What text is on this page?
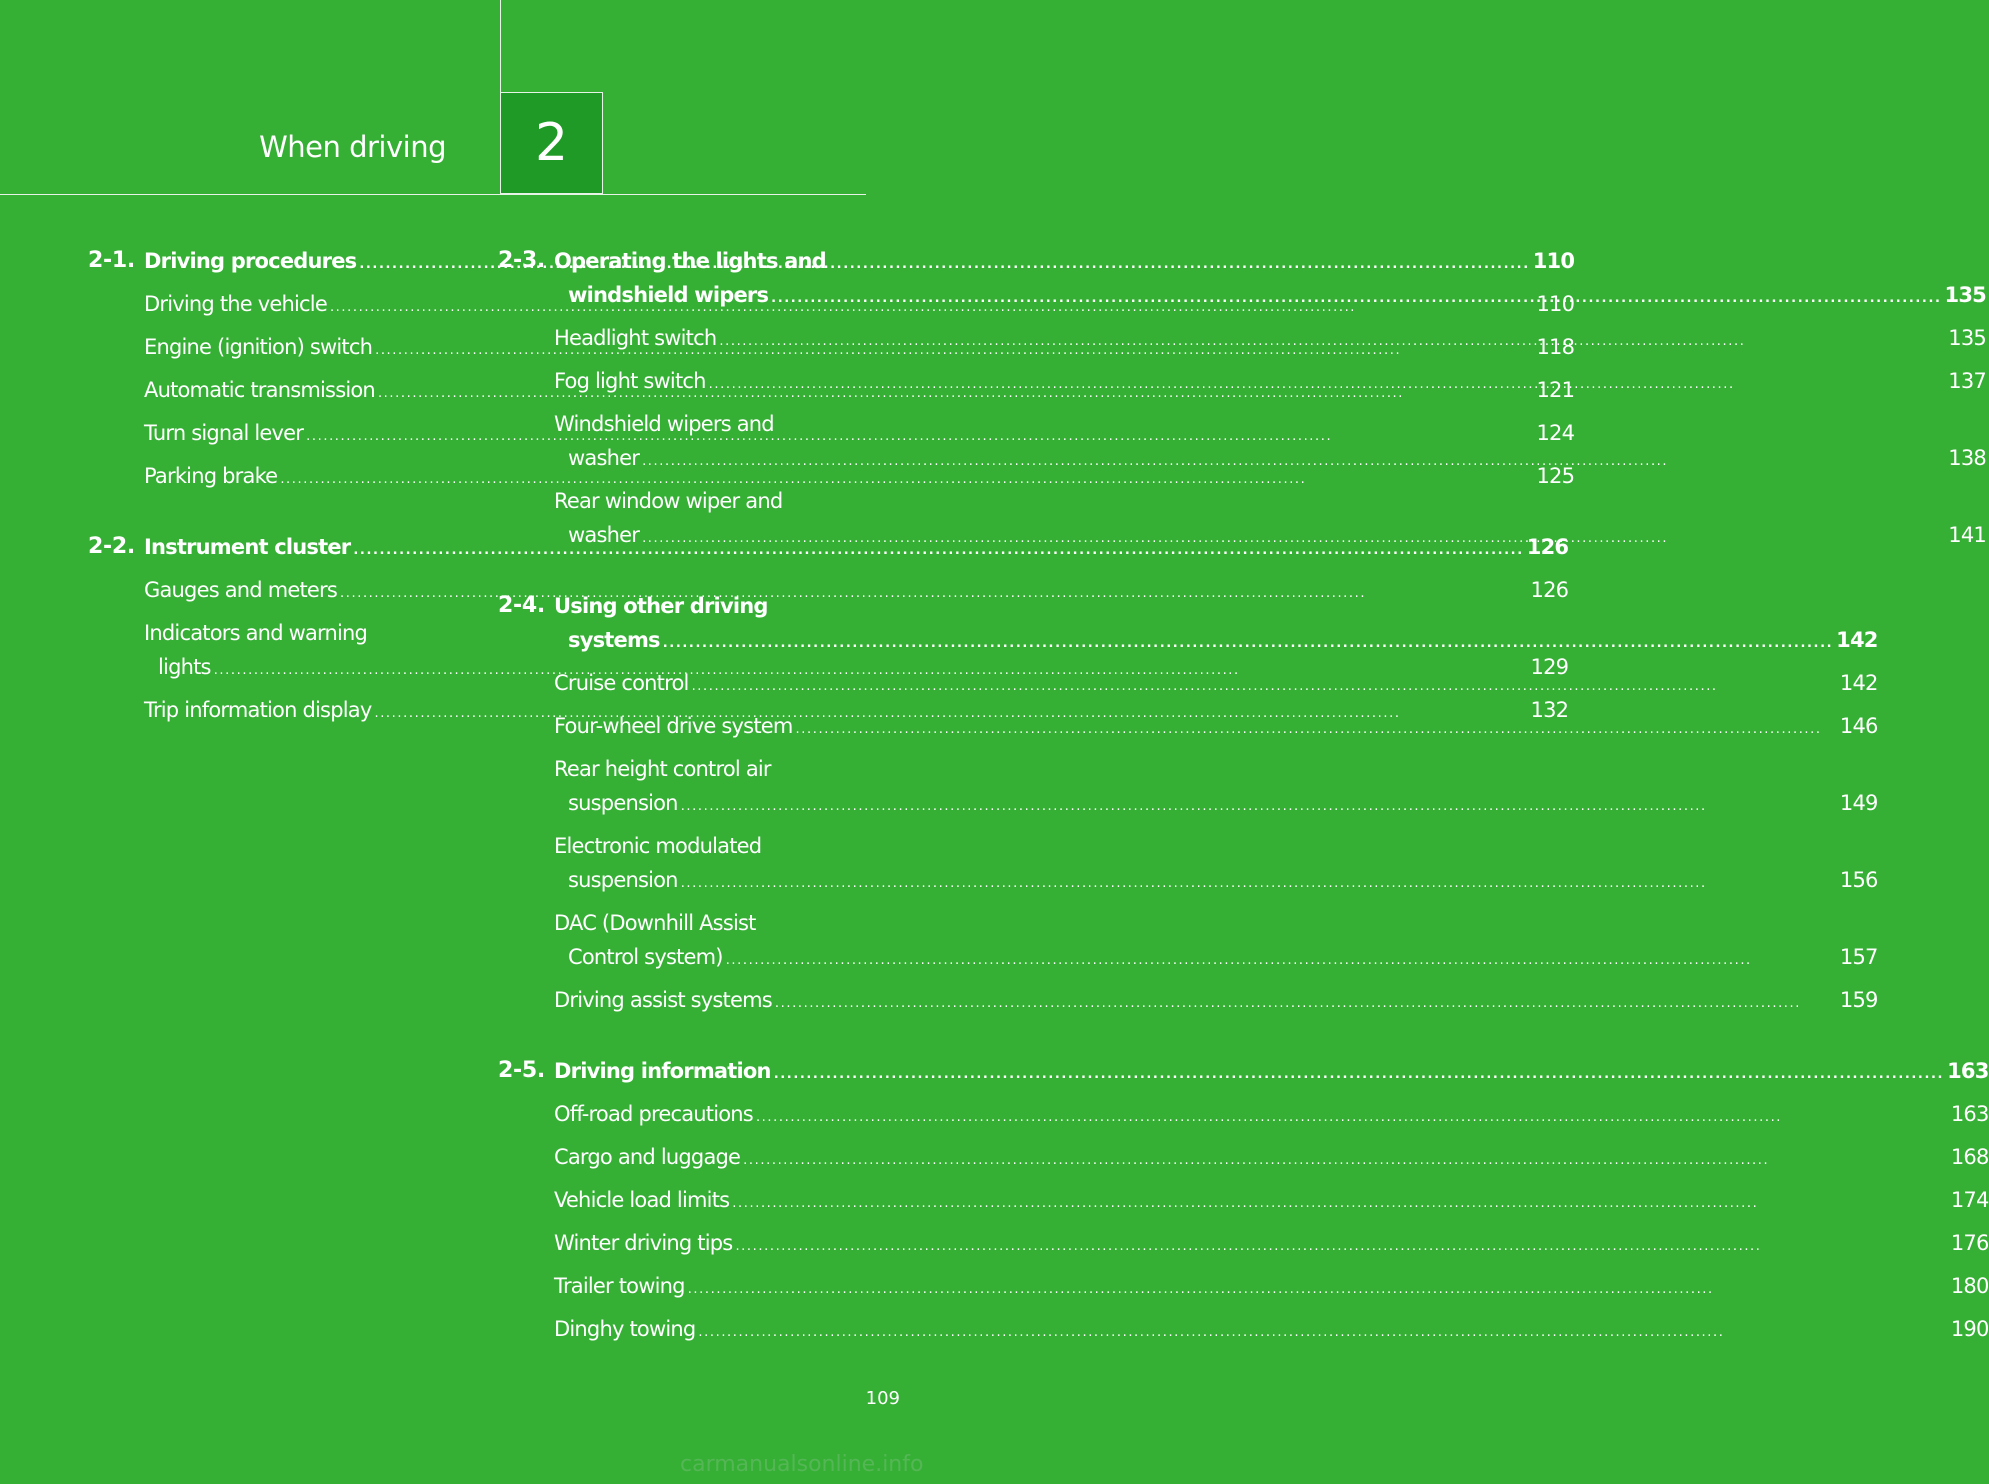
When driving 2
2-1. Driving procedures .....	110
Driving the vehicle .....	110
Engine (ignition) switch .....	118
Automatic transmission .....	121
Turn signal lever .....	124
Parking brake .....	125
2-2. Instrument cluster .....	126
Gauges and meters .....	126
Indicators and warning
lights .....	129
Trip information display .....	132
2-3. Operating the lights and
windshield wipers .....	135
Headlight switch .....	135
Fog light switch .....	137
Windshield wipers and
washer .....	138
Rear window wiper and
washer .....	141
2-4. Using other driving
systems .....	142
Cruise control .....	142
Four-wheel drive system .....	146
Rear height control air
suspension .....	149
Electronic modulated
suspension .....	156
DAC (Downhill Assist
Control system) .....	157
Driving assist systems .....	159
2-5. Driving information .....	163
Off-road precautions .....	163
Cargo and luggage .....	168
Vehicle load limits .....	174
Winter driving tips .....	176
Trailer towing .....	180
Dinghy towing .....	190
109
carmanualsonline.info
